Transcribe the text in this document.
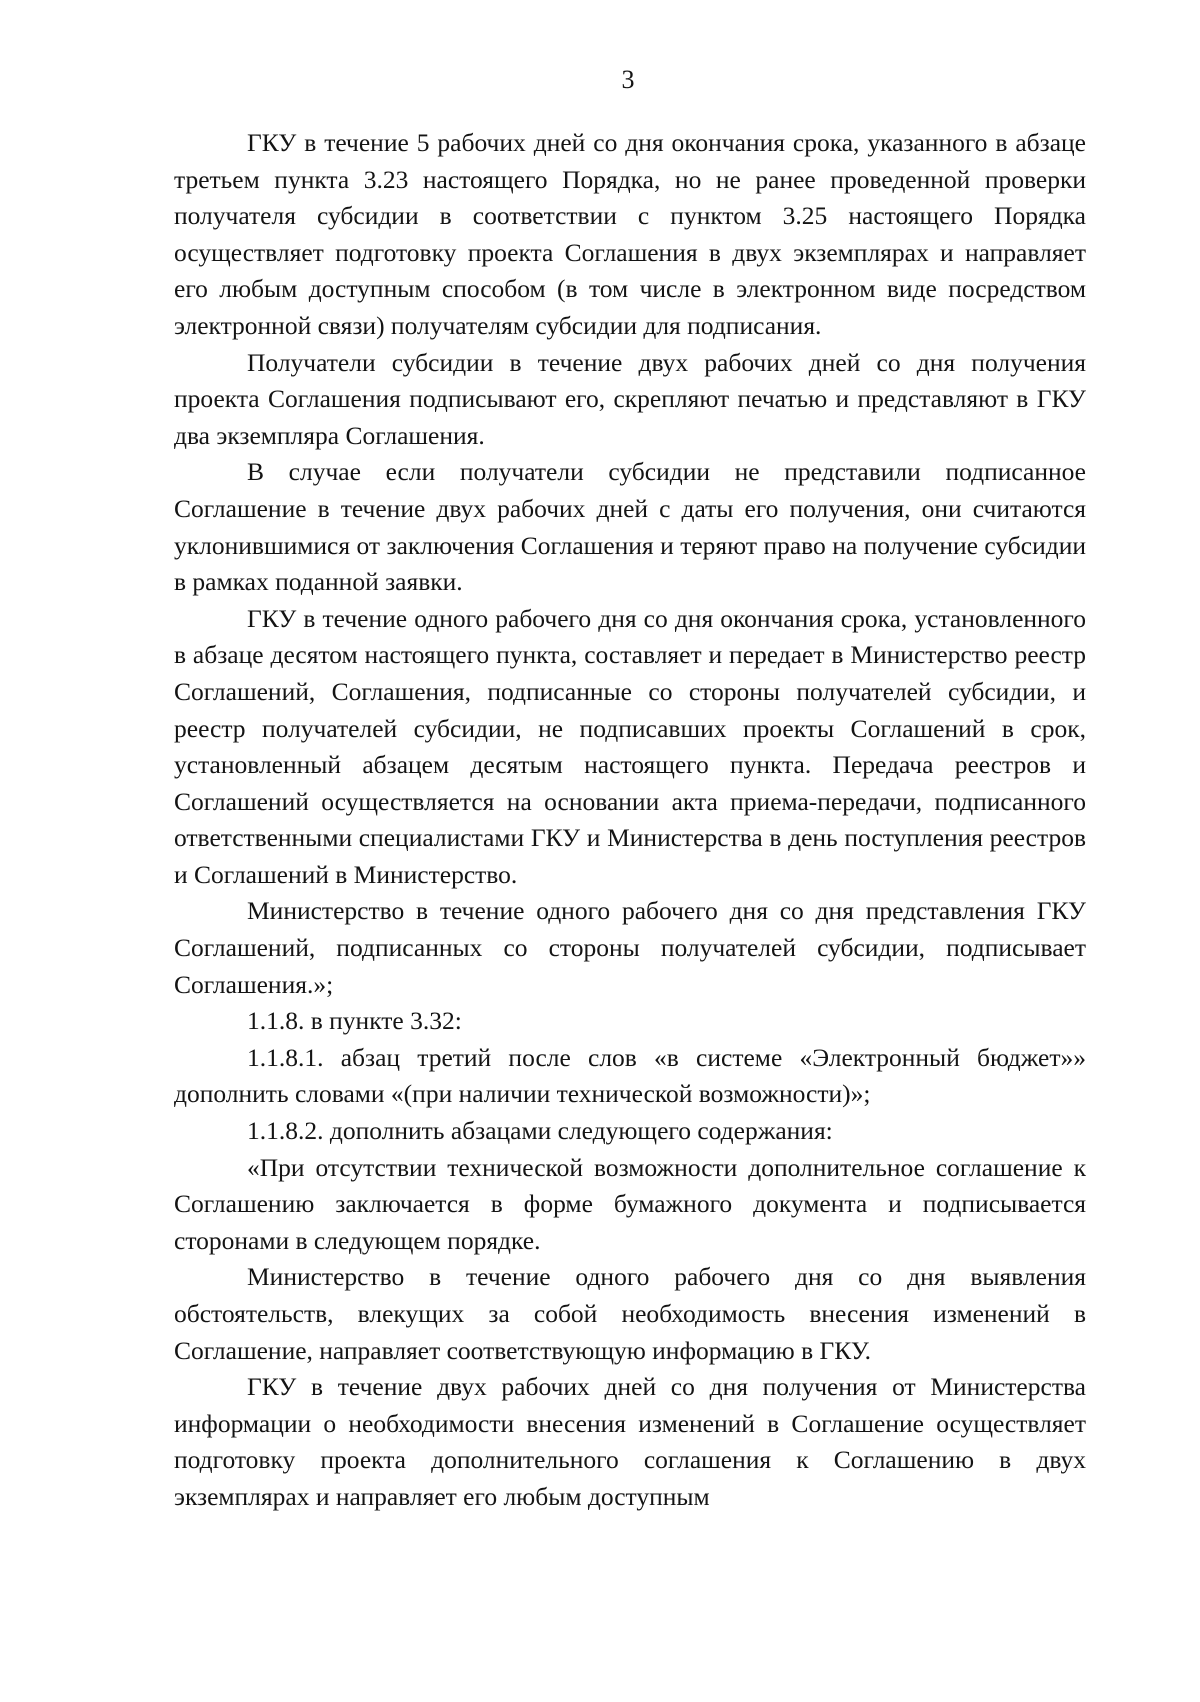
3

ГКУ в течение 5 рабочих дней со дня окончания срока, указанного в абзаце третьем пункта 3.23 настоящего Порядка, но не ранее проведенной проверки получателя субсидии в соответствии с пунктом 3.25 настоящего Порядка осуществляет подготовку проекта Соглашения в двух экземплярах и направляет его любым доступным способом (в том числе в электронном виде посредством электронной связи) получателям субсидии для подписания.

Получатели субсидии в течение двух рабочих дней со дня получения проекта Соглашения подписывают его, скрепляют печатью и представляют в ГКУ два экземпляра Соглашения.

В случае если получатели субсидии не представили подписанное Соглашение в течение двух рабочих дней с даты его получения, они считаются уклонившимися от заключения Соглашения и теряют право на получение субсидии в рамках поданной заявки.

ГКУ в течение одного рабочего дня со дня окончания срока, установленного в абзаце десятом настоящего пункта, составляет и передает в Министерство реестр Соглашений, Соглашения, подписанные со стороны получателей субсидии, и реестр получателей субсидии, не подписавших проекты Соглашений в срок, установленный абзацем десятым настоящего пункта. Передача реестров и Соглашений осуществляется на основании акта приема-передачи, подписанного ответственными специалистами ГКУ и Министерства в день поступления реестров и Соглашений в Министерство.

Министерство в течение одного рабочего дня со дня представления ГКУ Соглашений, подписанных со стороны получателей субсидии, подписывает Соглашения.»;

1.1.8. в пункте 3.32:

1.1.8.1. абзац третий после слов «в системе «Электронный бюджет»» дополнить словами «(при наличии технической возможности)»;

1.1.8.2. дополнить абзацами следующего содержания:

«При отсутствии технической возможности дополнительное соглашение к Соглашению заключается в форме бумажного документа и подписывается сторонами в следующем порядке.

Министерство в течение одного рабочего дня со дня выявления обстоятельств, влекущих за собой необходимость внесения изменений в Соглашение, направляет соответствующую информацию в ГКУ.

ГКУ в течение двух рабочих дней со дня получения от Министерства информации о необходимости внесения изменений в Соглашение осуществляет подготовку проекта дополнительного соглашения к Соглашению в двух экземплярах и направляет его любым доступным
